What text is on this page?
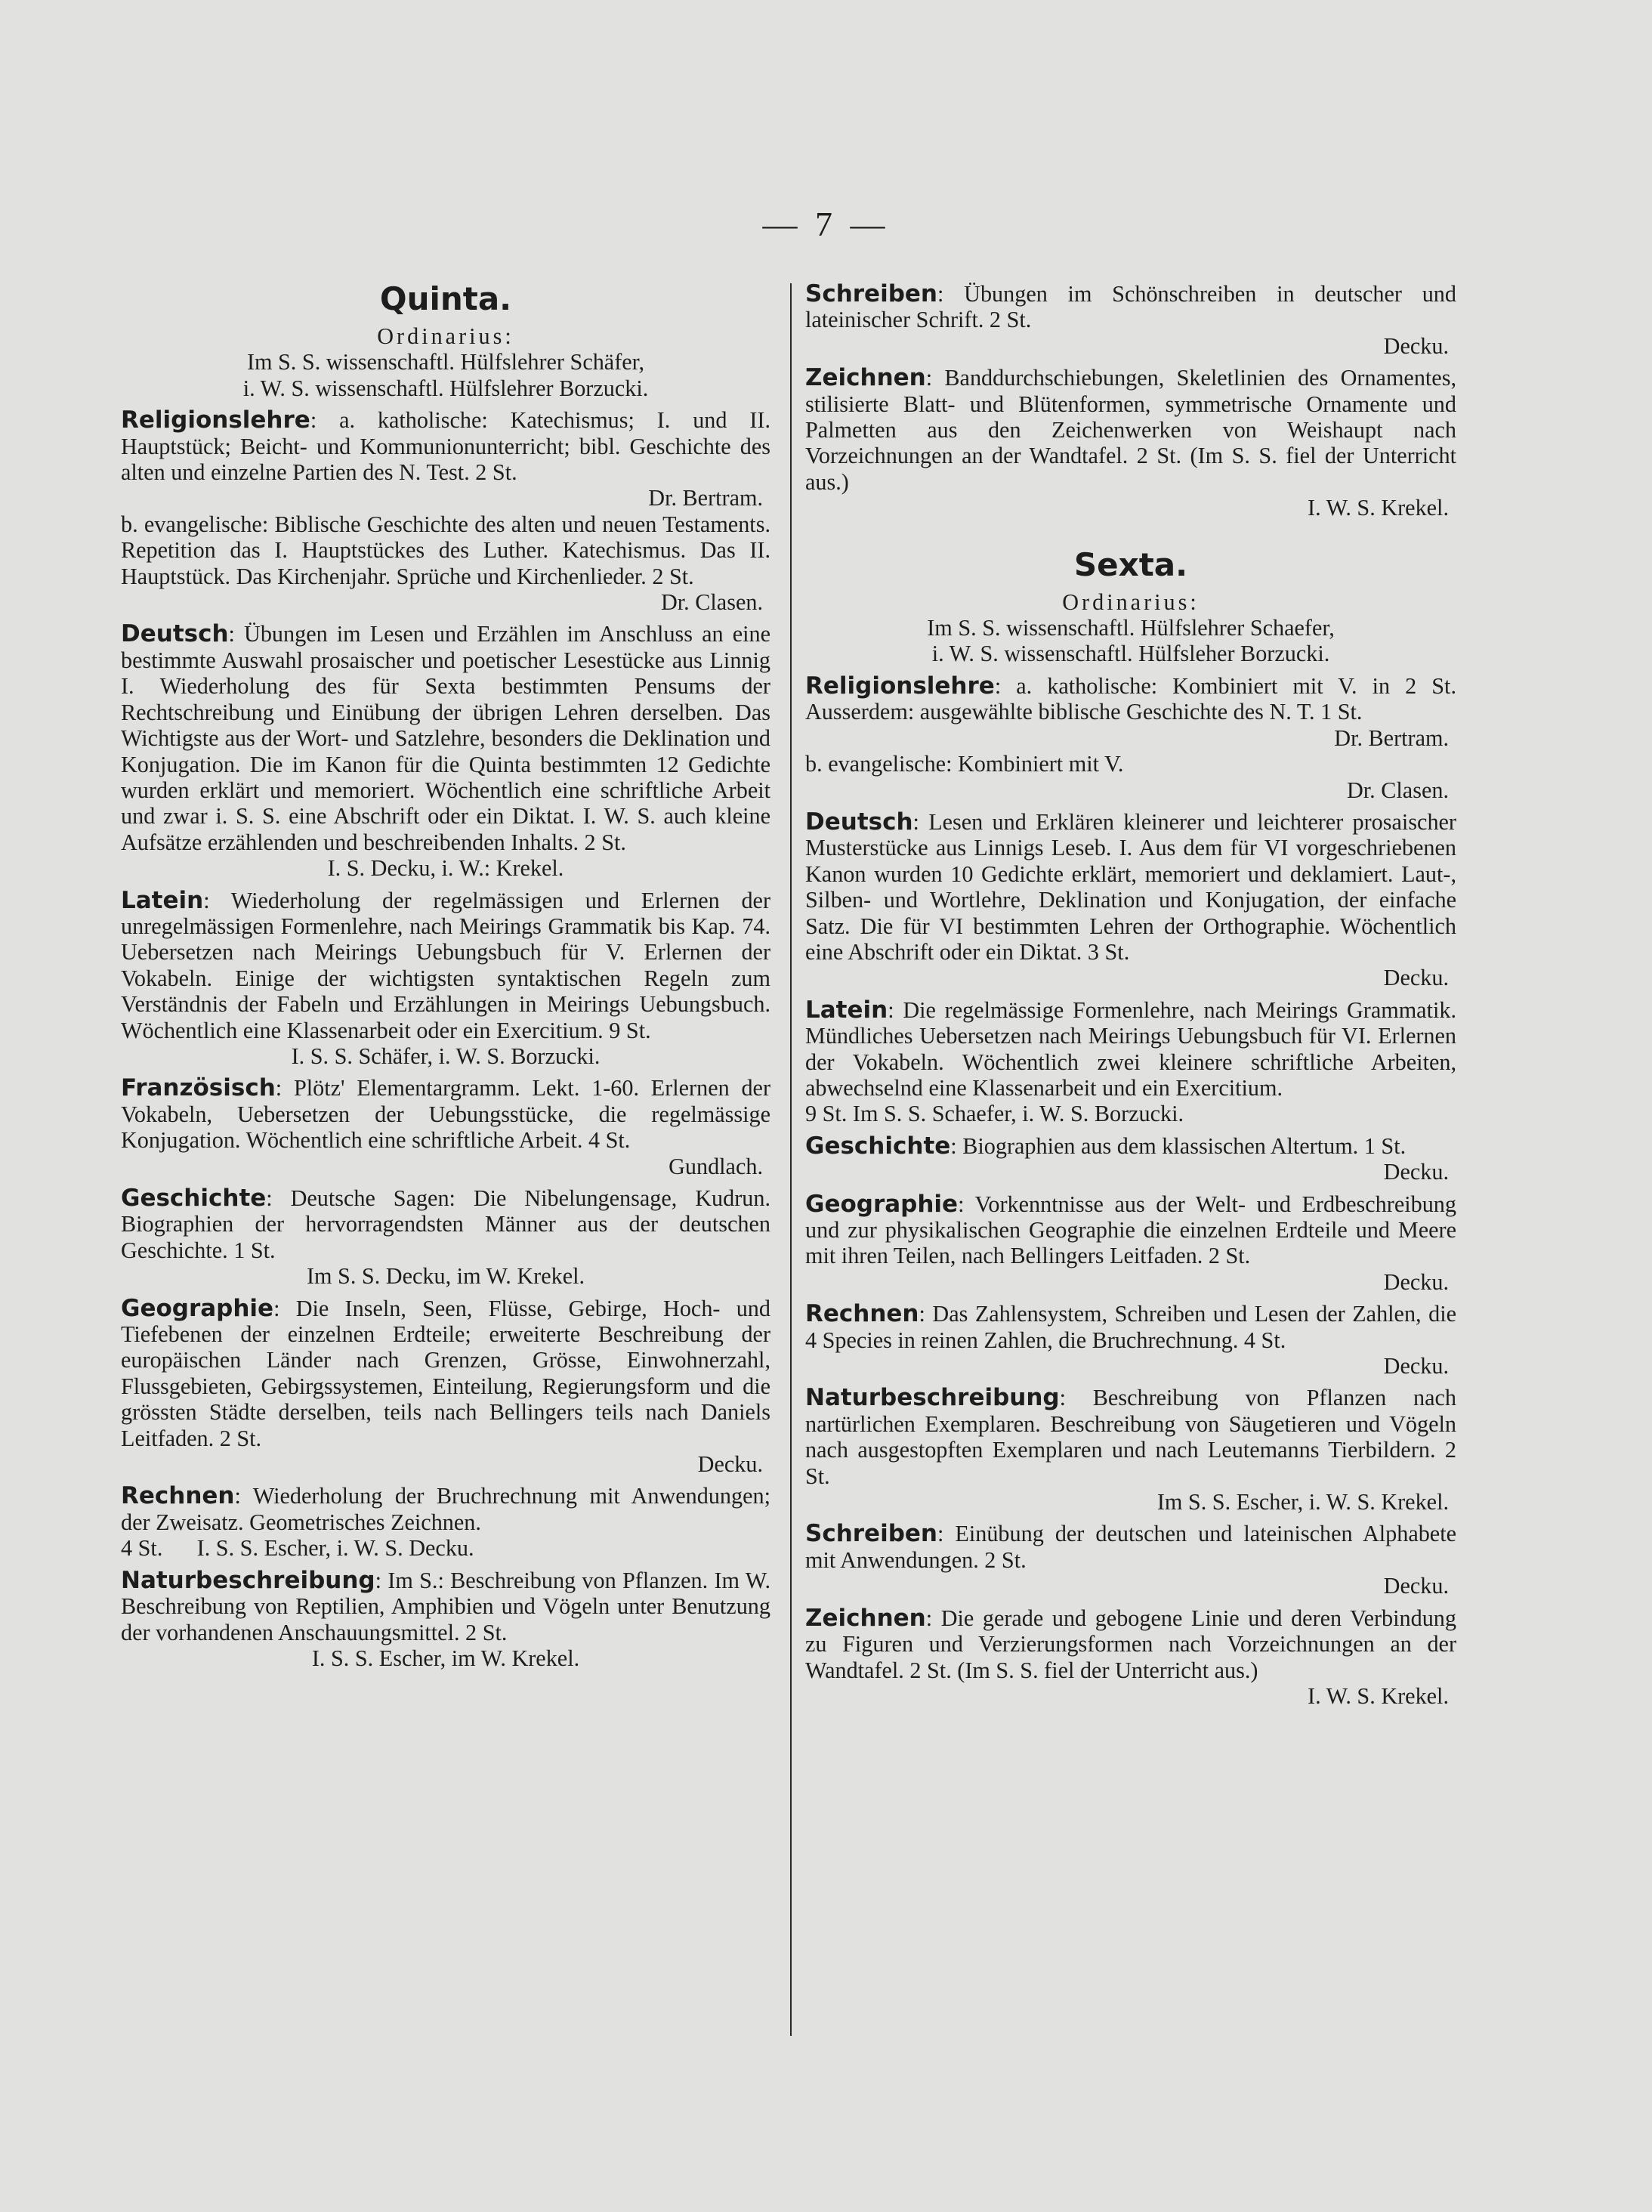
— 7 —
Quinta.
Ordinarius:
Im S. S. wissenschaftl. Hülfslehrer Schäfer,
i. W. S. wissenschaftl. Hülfslehrer Borzucki.
Religionslehre: a. katholische: Katechismus; I. und II. Hauptstück; Beicht- und Kommunionunterricht; bibl. Geschichte des alten und einzelne Partien des N. Test. 2 St.
Dr. Bertram.
b. evangelische: Biblische Geschichte des alten und neuen Testaments. Repetition das I. Hauptstückes des Luther. Katechismus. Das II. Hauptstück. Das Kirchenjahr. Sprüche und Kirchenlieder. 2 St.
Dr. Clasen.
Deutsch: Übungen im Lesen und Erzählen im Anschluss an eine bestimmte Auswahl prosaischer und poetischer Lesestücke aus Linnig I. Wiederholung des für Sexta bestimmten Pensums der Rechtschreibung und Einübung der übrigen Lehren derselben. Das Wichtigste aus der Wort- und Satzlehre, besonders die Deklination und Konjugation. Die im Kanon für die Quinta bestimmten 12 Gedichte wurden erklärt und memoriert. Wöchentlich eine schriftliche Arbeit und zwar i. S. S. eine Abschrift oder ein Diktat. I. W. S. auch kleine Aufsätze erzählenden und beschreibenden Inhalts. 2 St.
I. S. Decku, i. W.: Krekel.
Latein: Wiederholung der regelmässigen und Erlernen der unregelmässigen Formenlehre, nach Meirings Grammatik bis Kap. 74. Uebersetzen nach Meirings Uebungsbuch für V. Erlernen der Vokabeln. Einige der wichtigsten syntaktischen Regeln zum Verständnis der Fabeln und Erzählungen in Meirings Uebungsbuch. Wöchentlich eine Klassenarbeit oder ein Exercitium. 9 St.
I. S. S. Schäfer, i. W. S. Borzucki.
Französisch: Plötz' Elementargramm. Lekt. 1-60. Erlernen der Vokabeln, Uebersetzen der Uebungsstücke, die regelmässige Konjugation. Wöchentlich eine schriftliche Arbeit. 4 St.
Gundlach.
Geschichte: Deutsche Sagen: Die Nibelungensage, Kudrun. Biographien der hervorragendsten Männer aus der deutschen Geschichte. 1 St.
Im S. S. Decku, im W. Krekel.
Geographie: Die Inseln, Seen, Flüsse, Gebirge, Hoch- und Tiefebenen der einzelnen Erdteile; erweiterte Beschreibung der europäischen Länder nach Grenzen, Grösse, Einwohnerzahl, Flussgebieten, Gebirgssystemen, Einteilung, Regierungsform und die grössten Städte derselben, teils nach Bellingers teils nach Daniels Leitfaden. 2 St.
Decku.
Rechnen: Wiederholung der Bruchrechnung mit Anwendungen; der Zweisatz. Geometrisches Zeichnen.
4 St. I. S. S. Escher, i. W. S. Decku.
Naturbeschreibung: Im S.: Beschreibung von Pflanzen. Im W. Beschreibung von Reptilien, Amphibien und Vögeln unter Benutzung der vorhandenen Anschauungsmittel. 2 St.
I. S. S. Escher, im W. Krekel.
Schreiben: Übungen im Schönschreiben in deutscher und lateinischer Schrift. 2 St.
Decku.
Zeichnen: Banddurchschiebungen, Skeletlinien des Ornamentes, stilisierte Blatt- und Blütenformen, symmetrische Ornamente und Palmetten aus den Zeichenwerken von Weishaupt nach Vorzeichnungen an der Wandtafel. 2 St. (Im S. S. fiel der Unterricht aus.)
I. W. S. Krekel.
Sexta.
Ordinarius:
Im S. S. wissenschaftl. Hülfslehrer Schaefer,
i. W. S. wissenschaftl. Hülfsleher Borzucki.
Religionslehre: a. katholische: Kombiniert mit V. in 2 St. Ausserdem: ausgewählte biblische Geschichte des N. T. 1 St.
Dr. Bertram.
b. evangelische: Kombiniert mit V.
Dr. Clasen.
Deutsch: Lesen und Erklären kleinerer und leichterer prosaischer Musterstücke aus Linnigs Leseb. I. Aus dem für VI vorgeschriebenen Kanon wurden 10 Gedichte erklärt, memoriert und deklamiert. Laut-, Silben- und Wortlehre, Deklination und Konjugation, der einfache Satz. Die für VI bestimmten Lehren der Orthographie. Wöchentlich eine Abschrift oder ein Diktat. 3 St.
Decku.
Latein: Die regelmässige Formenlehre, nach Meirings Grammatik. Mündliches Uebersetzen nach Meirings Uebungsbuch für VI. Erlernen der Vokabeln. Wöchentlich zwei kleinere schriftliche Arbeiten, abwechselnd eine Klassenarbeit und ein Exercitium.
9 St. Im S. S. Schaefer, i. W. S. Borzucki.
Geschichte: Biographien aus dem klassischen Altertum. 1 St.
Decku.
Geographie: Vorkenntnisse aus der Welt- und Erdbeschreibung und zur physikalischen Geographie die einzelnen Erdteile und Meere mit ihren Teilen, nach Bellingers Leitfaden. 2 St.
Decku.
Rechnen: Das Zahlensystem, Schreiben und Lesen der Zahlen, die 4 Species in reinen Zahlen, die Bruchrechnung. 4 St.
Decku.
Naturbeschreibung: Beschreibung von Pflanzen nach nartürlichen Exemplaren. Beschreibung von Säugetieren und Vögeln nach ausgestopften Exemplaren und nach Leutemanns Tierbildern. 2 St.
Im S. S. Escher, i. W. S. Krekel.
Schreiben: Einübung der deutschen und lateinischen Alphabete mit Anwendungen. 2 St.
Decku.
Zeichnen: Die gerade und gebogene Linie und deren Verbindung zu Figuren und Verzierungsformen nach Vorzeichnungen an der Wandtafel. 2 St. (Im S. S. fiel der Unterricht aus.)
I. W. S. Krekel.
